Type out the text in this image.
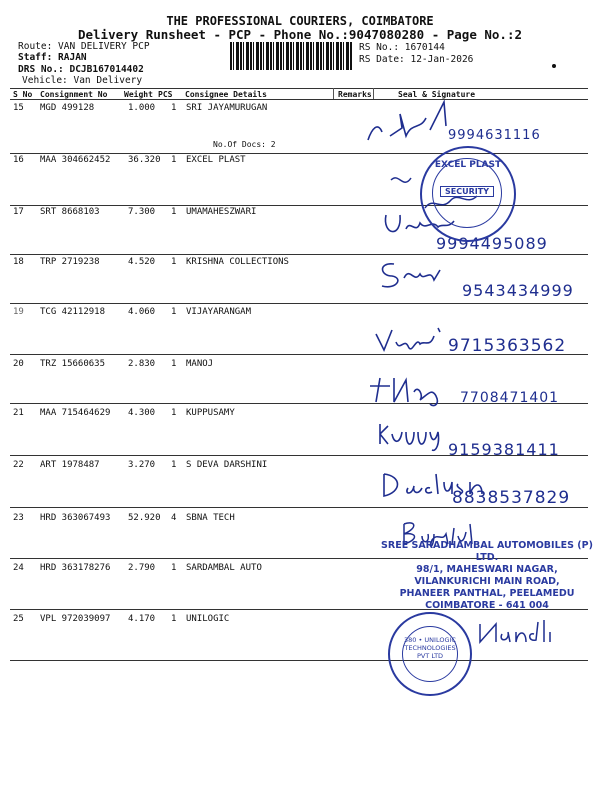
THE PROFESSIONAL COURIERS, COIMBATORE
Delivery Runsheet - PCP - Phone No.:9047080280 - Page No.:2
Route: VAN DELIVERY PCP
Staff: RAJAN
DRS No.: DCJB167014402
Vehicle: Van Delivery
RS No.: 1670144
RS Date: 12-Jan-2026
S No Consignment No Weight PCS Consignee Details	Remarks	Seal & Signature
15 MGD 499128	1.000 1 SRI JAYAMURUGAN
No.Of Docs: 2
16 MAA 304662452 36.320 1 EXCEL PLAST
17 SRT 8668103	7.300 1 UMAMAHESZWARI
18 TRP 2719238	4.520 1 KRISHNA COLLECTIONS
19 TCG 42112918	4.060 1 VIJAYARANGAM
20 TRZ 15660635	2.830 1 MANOJ
21 MAA 715464629 4.300 1 KUPPUSAMY
22 ART 1978487	3.270 1 S DEVA DARSHINI
23 HRD 363067493 52.920 4 SBNA TECH
24 HRD 363178276 2.790 1 SARDAMBAL AUTO
25 VPL 972039097 4.170 1 UNILOGIC
9994631116
9994495089
9543434999
9715363562
7708471401
9159381411
8838537829
EXCEL PLAST
SECURITY
SREE SARADHAMBAL AUTOMOBILES (P) LTD.
98/1, MAHESWARI NAGAR,
VILANKURICHI MAIN ROAD,
PHANEER PANTHAL, PEELAMEDU
COIMBATORE - 641 004
380 • UNILOGIC TECHNOLOGIES PVT LTD
